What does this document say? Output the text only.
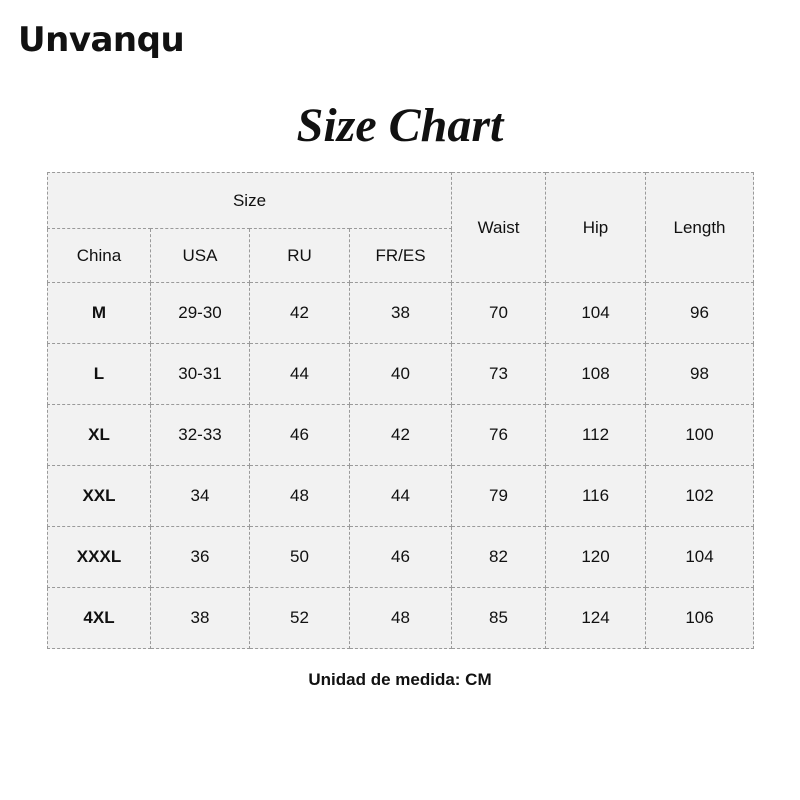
Unvanqu
Size Chart
Size				Waist	Hip	Length
China	USA	RU	FR/ES			
M	29-30	42	38	70	104	96
L	30-31	44	40	73	108	98
XL	32-33	46	42	76	112	100
XXL	34	48	44	79	116	102
XXXL	36	50	46	82	120	104
4XL	38	52	48	85	124	106
Unidad de medida: CM
